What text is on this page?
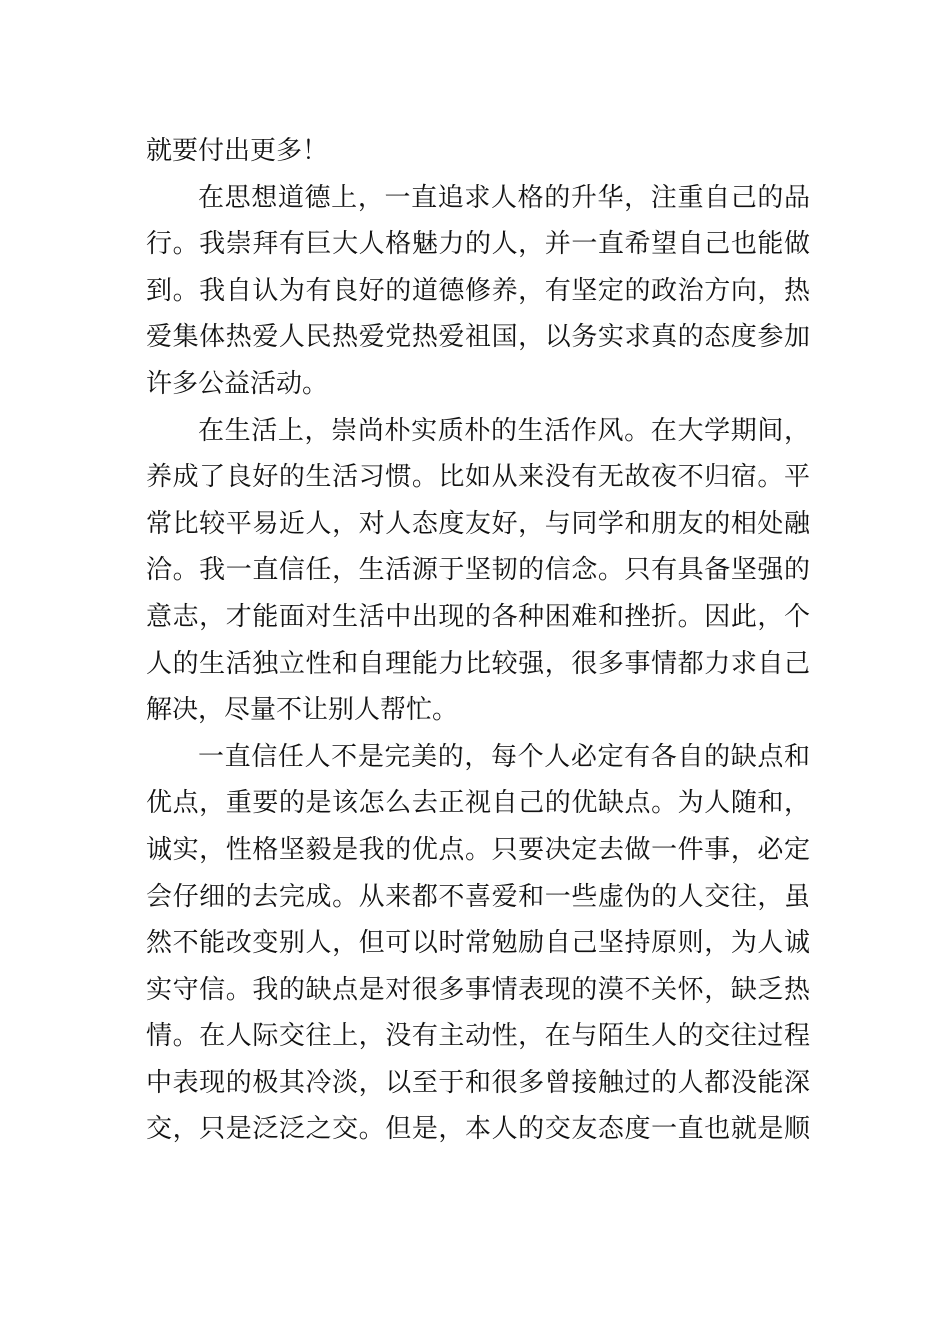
就要付出更多！
在思想道德上，一直追求人格的升华，注重自己的品
行。我崇拜有巨大人格魅力的人，并一直希望自己也能做
到。我自认为有良好的道德修养，有坚定的政治方向，热
爱集体热爱人民热爱党热爱祖国，以务实求真的态度参加
许多公益活动。
在生活上，崇尚朴实质朴的生活作风。在大学期间，
养成了良好的生活习惯。比如从来没有无故夜不归宿。平
常比较平易近人，对人态度友好，与同学和朋友的相处融
洽。我一直信任，生活源于坚韧的信念。只有具备坚强的
意志，才能面对生活中出现的各种困难和挫折。因此，个
人的生活独立性和自理能力比较强，很多事情都力求自己
解决，尽量不让别人帮忙。
一直信任人不是完美的，每个人必定有各自的缺点和
优点，重要的是该怎么去正视自己的优缺点。为人随和，
诚实，性格坚毅是我的优点。只要决定去做一件事，必定
会仔细的去完成。从来都不喜爱和一些虚伪的人交往，虽
然不能改变别人，但可以时常勉励自己坚持原则，为人诚
实守信。我的缺点是对很多事情表现的漠不关怀，缺乏热
情。在人际交往上，没有主动性，在与陌生人的交往过程
中表现的极其冷淡，以至于和很多曾接触过的人都没能深
交，只是泛泛之交。但是，本人的交友态度一直也就是顺
